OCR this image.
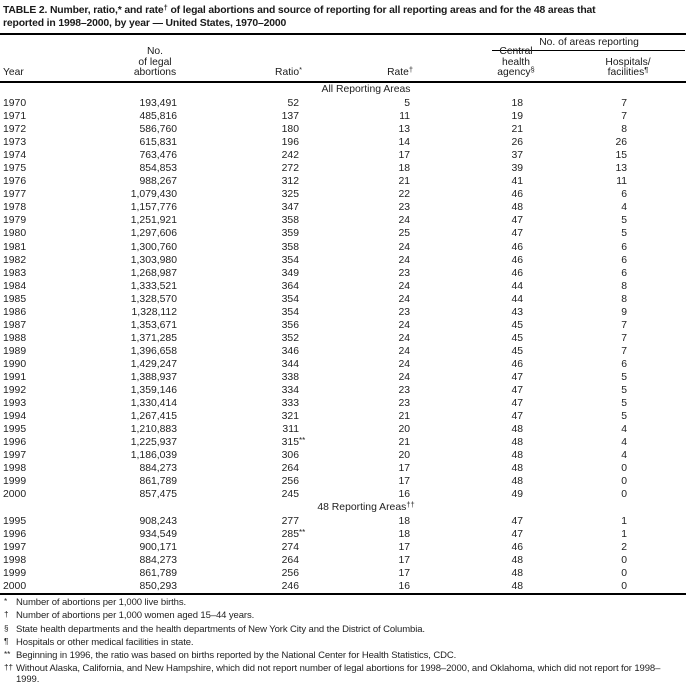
TABLE 2. Number, ratio,* and rate† of legal abortions and source of reporting for all reporting areas and for the 48 areas that
reported in 1998–2000, by year — United States, 1970–2000
No. of areas reporting
Year
No.
of legal
abortions	Ratio*	Rate†
Central
health
agency§
Hospitals/
facilities¶
All Reporting Areas
1970	193,491	52	5	18	7
1971	485,816	137	11	19	7
1972	586,760	180	13	21	8
1973	615,831	196	14	26	26
1974	763,476	242	17	37	15
1975	854,853	272	18	39	13
1976	988,267	312	21	41	11
1977	1,079,430	325	22	46	6
1978	1,157,776	347	23	48	4
1979	1,251,921	358	24	47	5
1980	1,297,606	359	25	47	5
1981	1,300,760	358	24	46	6
1982	1,303,980	354	24	46	6
1983	1,268,987	349	23	46	6
1984	1,333,521	364	24	44	8
1985	1,328,570	354	24	44	8
1986	1,328,112	354	23	43	9
1987	1,353,671	356	24	45	7
1988	1,371,285	352	24	45	7
1989	1,396,658	346	24	45	7
1990	1,429,247	344	24	46	6
1991	1,388,937	338	24	47	5
1992	1,359,146	334	23	47	5
1993	1,330,414	333	23	47	5
1994	1,267,415	321	21	47	5
1995	1,210,883	311	20	48	4
1996	1,225,937	315 **	21	48	4
1997	1,186,039	306	20	48	4
1998	884,273	264	17	48	0
1999	861,789	256	17	48	0
2000	857,475	245	16	49	0
48 Reporting Areas††
1995	908,243	277	18	47	1
1996	934,549	285 **	18	47	1
1997	900,171	274	17	46	2
1998	884,273	264	17	48	0
1999	861,789	256	17	48	0
2000	850,293	246	16	48	0
* Number of abortions per 1,000 live births.
† Number of abortions per 1,000 women aged 15–44 years.
§ State health departments and the health departments of New York City and the District of Columbia.
¶ Hospitals or other medical facilities in state.
** Beginning in 1996, the ratio was based on births reported by the National Center for Health Statistics, CDC.
†† Without Alaska, California, and New Hampshire, which did not report number of legal abortions for 1998–2000, and Oklahoma, which did not report for 1998–1999.
